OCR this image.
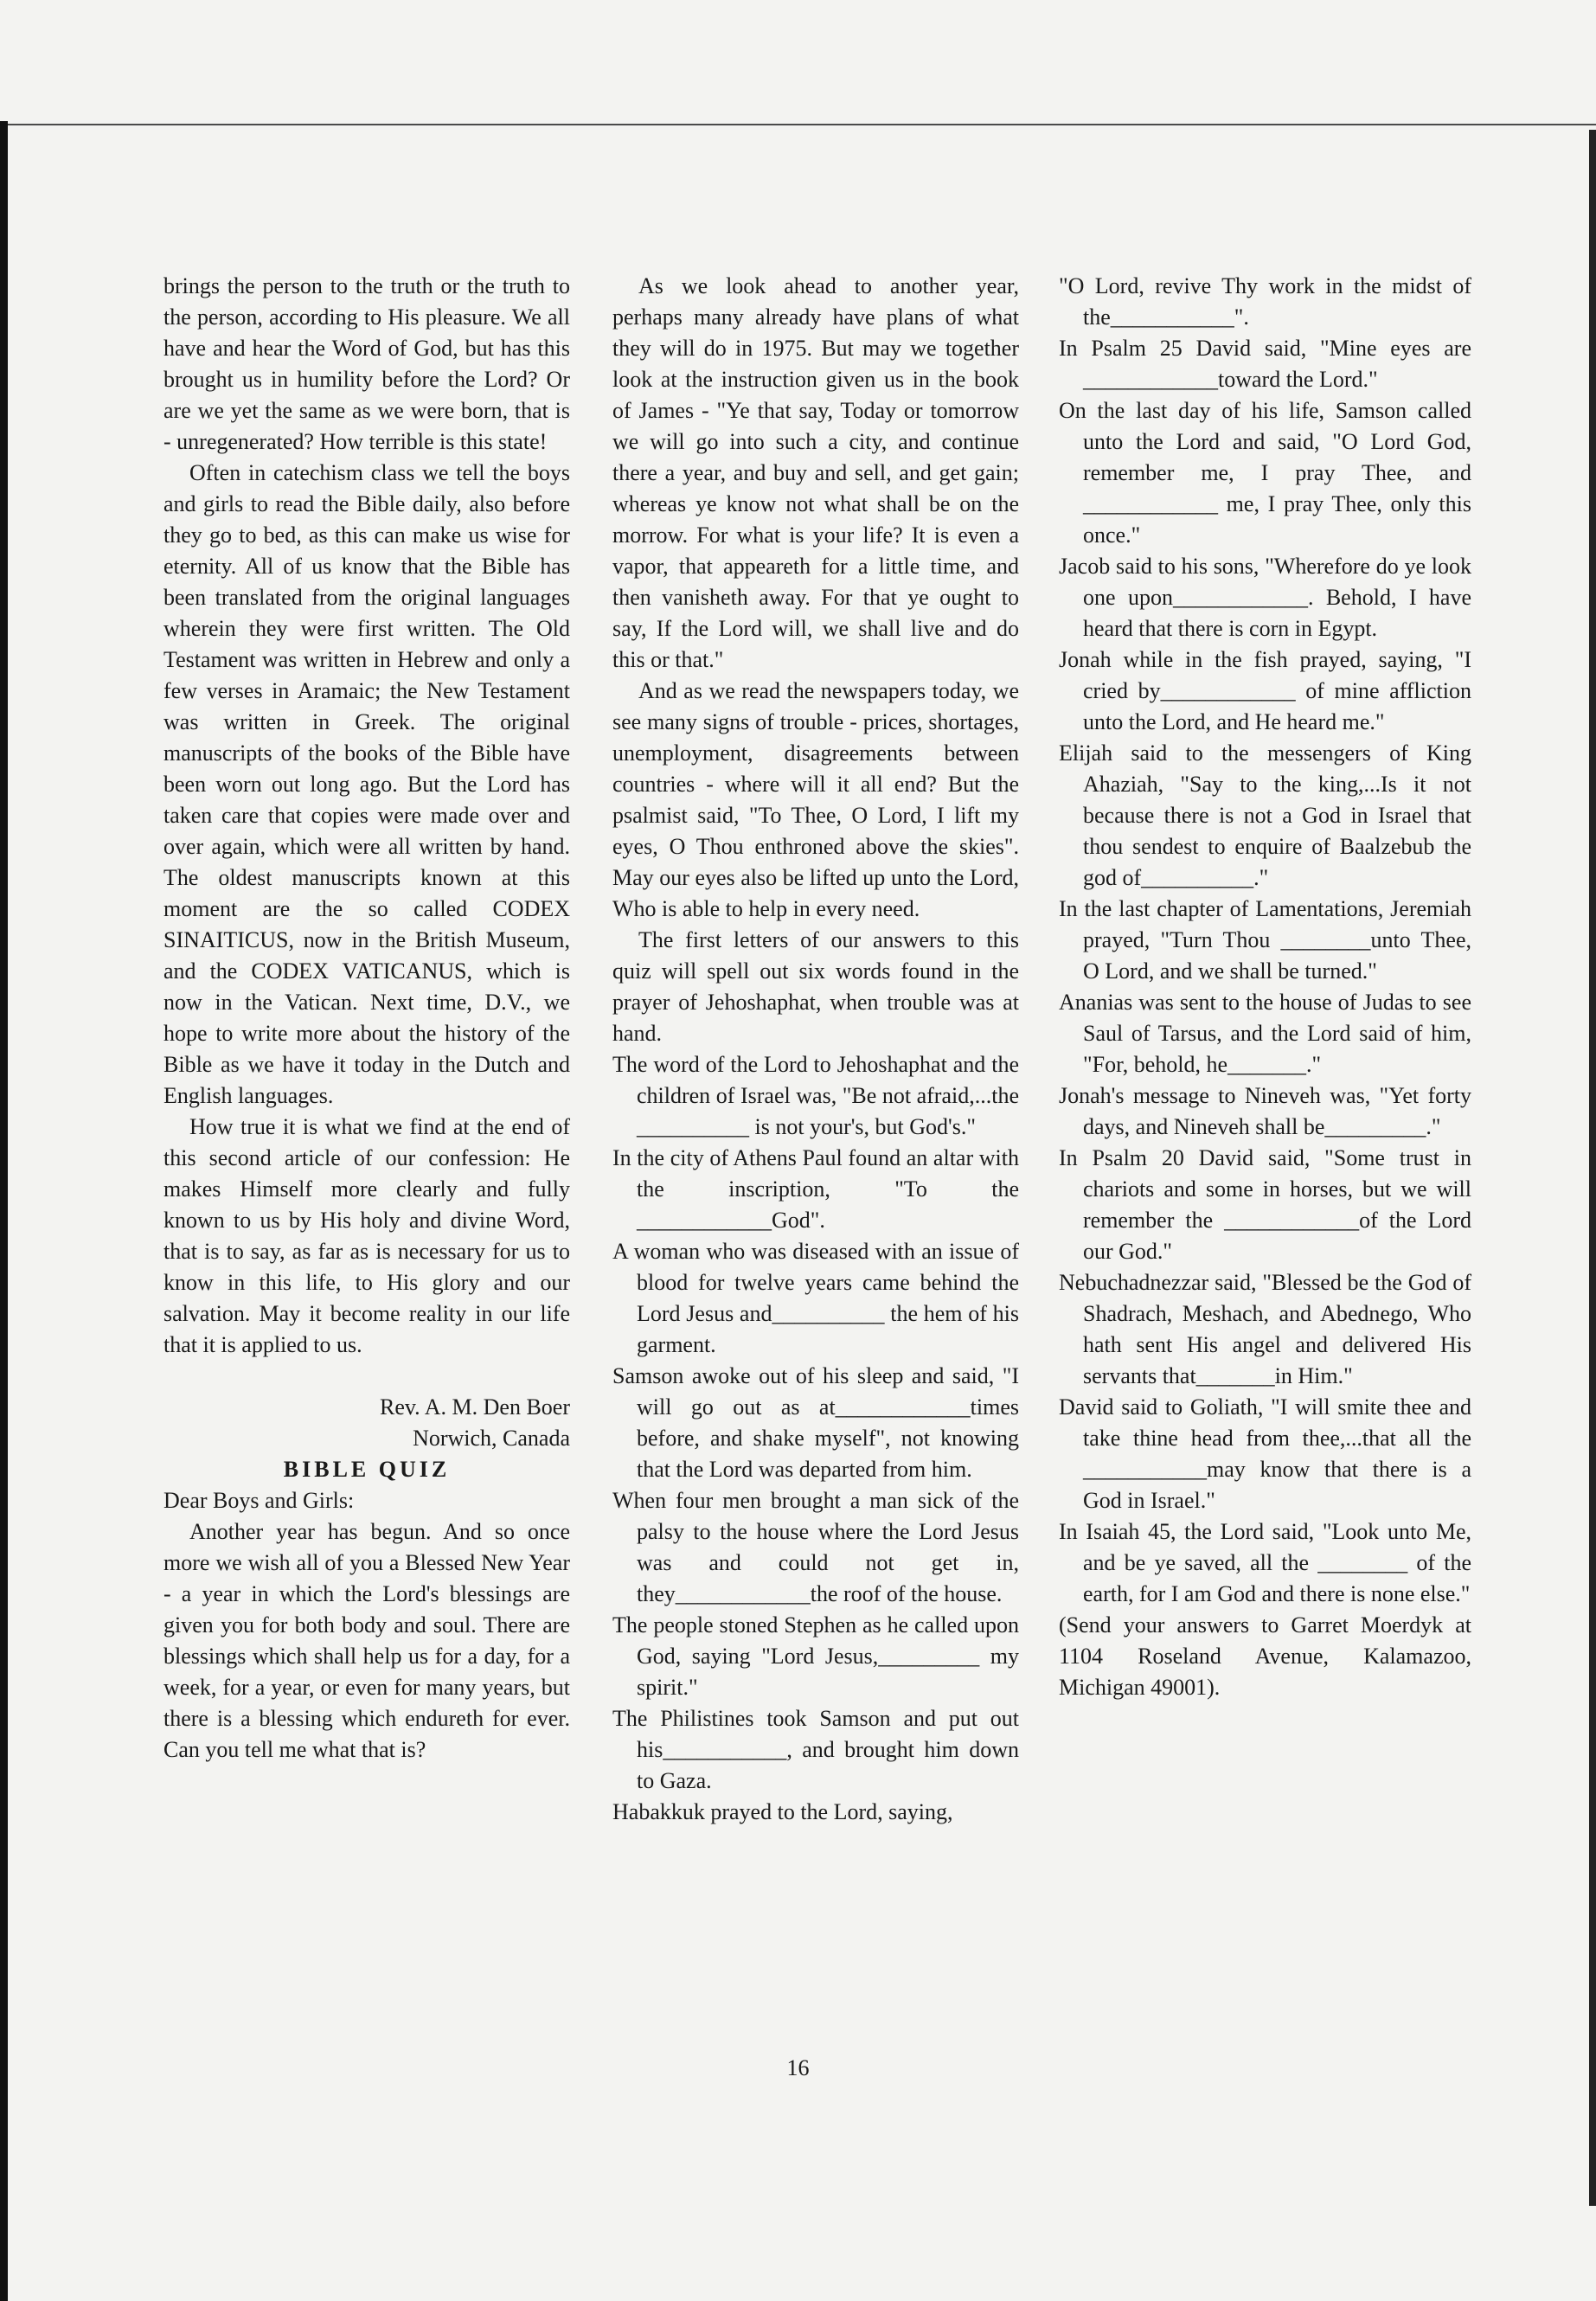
brings the person to the truth or the truth to the person, according to His pleasure. We all have and hear the Word of God, but has this brought us in humility before the Lord? Or are we yet the same as we were born, that is - unregenerated? How terrible is this state!

Often in catechism class we tell the boys and girls to read the Bible daily, also before they go to bed, as this can make us wise for eternity. All of us know that the Bible has been translated from the original languages wherein they were first written. The Old Testament was written in Hebrew and only a few verses in Aramaic; the New Testament was written in Greek. The original manuscripts of the books of the Bible have been worn out long ago. But the Lord has taken care that copies were made over and over again, which were all written by hand. The oldest manuscripts known at this moment are the so called CODEX SINAITICUS, now in the British Museum, and the CODEX VATICANUS, which is now in the Vatican. Next time, D.V., we hope to write more about the history of the Bible as we have it today in the Dutch and English languages.

How true it is what we find at the end of this second article of our confession: He makes Himself more clearly and fully known to us by His holy and divine Word, that is to say, as far as is necessary for us to know in this life, to His glory and our salvation. May it become reality in our life that it is applied to us.

Rev. A. M. Den Boer

Norwich, Canada

BIBLE QUIZ

Dear Boys and Girls:

Another year has begun. And so once more we wish all of you a Blessed New Year - a year in which the Lord's blessings are given you for both body and soul. There are blessings which shall help us for a day, for a week, for a year, or even for many years, but there is a blessing which endureth for ever. Can you tell me what that is?

As we look ahead to another year, perhaps many already have plans of what they will do in 1975. But may we together look at the instruction given us in the book of James - "Ye that say, Today or tomorrow we will go into such a city, and continue there a year, and buy and sell, and get gain; whereas ye know not what shall be on the morrow. For what is your life? It is even a vapor, that appeareth for a little time, and then vanisheth away. For that ye ought to say, If the Lord will, we shall live and do this or that."

And as we read the newspapers today, we see many signs of trouble - prices, shortages, unemployment, disagreements between countries - where will it all end? But the psalmist said, "To Thee, O Lord, I lift my eyes, O Thou enthroned above the skies". May our eyes also be lifted up unto the Lord, Who is able to help in every need.

The first letters of our answers to this quiz will spell out six words found in the prayer of Jehoshaphat, when trouble was at hand.

The word of the Lord to Jehoshaphat and the children of Israel was, "Be not afraid,...the __________ is not your's, but God's."

In the city of Athens Paul found an altar with the inscription, "To the ____________God".

A woman who was diseased with an issue of blood for twelve years came behind the Lord Jesus and__________ the hem of his garment.

Samson awoke out of his sleep and said, "I will go out as at____________times before, and shake myself", not knowing that the Lord was departed from him.

When four men brought a man sick of the palsy to the house where the Lord Jesus was and could not get in, they____________the roof of the house.

The people stoned Stephen as he called upon God, saying "Lord Jesus,_________ my spirit."

The Philistines took Samson and put out his___________, and brought him down to Gaza.

Habakkuk prayed to the Lord, saying,

"O Lord, revive Thy work in the midst of the___________".

In Psalm 25 David said, "Mine eyes are ____________toward the Lord."

On the last day of his life, Samson called unto the Lord and said, "O Lord God, remember me, I pray Thee, and ____________ me, I pray Thee, only this once."

Jacob said to his sons, "Wherefore do ye look one upon____________. Behold, I have heard that there is corn in Egypt.

Jonah while in the fish prayed, saying, "I cried by____________ of mine affliction unto the Lord, and He heard me."

Elijah said to the messengers of King Ahaziah, "Say to the king,...Is it not because there is not a God in Israel that thou sendest to enquire of Baalzebub the god of__________."

In the last chapter of Lamentations, Jeremiah prayed, "Turn Thou ________unto Thee, O Lord, and we shall be turned."

Ananias was sent to the house of Judas to see Saul of Tarsus, and the Lord said of him, "For, behold, he_______."

Jonah's message to Nineveh was, "Yet forty days, and Nineveh shall be_________."

In Psalm 20 David said, "Some trust in chariots and some in horses, but we will remember the ____________of the Lord our God."

Nebuchadnezzar said, "Blessed be the God of Shadrach, Meshach, and Abednego, Who hath sent His angel and delivered His servants that_______in Him."

David said to Goliath, "I will smite thee and take thine head from thee,...that all the ___________may know that there is a God in Israel."

In Isaiah 45, the Lord said, "Look unto Me, and be ye saved, all the ________ of the earth, for I am God and there is none else."

(Send your answers to Garret Moerdyk at 1104 Roseland Avenue, Kalamazoo, Michigan 49001).

16
